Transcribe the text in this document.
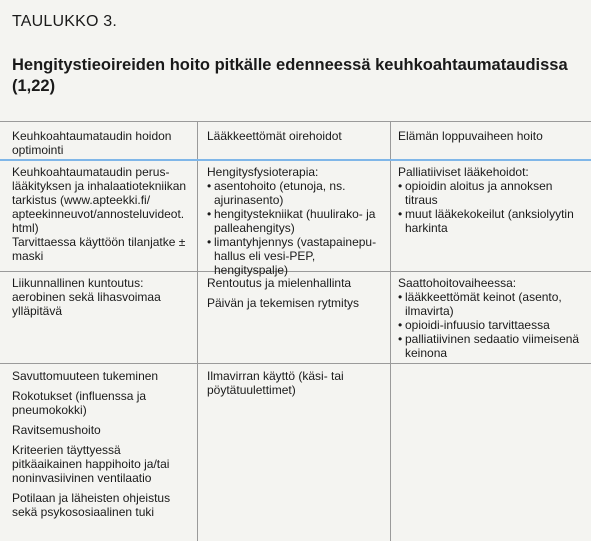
TAULUKKO 3.
Hengitystieoireiden hoito pitkälle edenneessä keuhkoahtaumataudissa (1,22)
Keuhkoahtaumataudin hoidon optimointi
Lääkkeettömät oirehoidot	Elämän loppuvaiheen hoito
Keuhkoahtaumataudin perus-lääkityksen ja inhalaatiotekniikan tarkistus (www.apteekki.fi/ apteekinneuvot/annosteluvideot. html)
Tarvittaessa käyttöön tilanjatke ± maski
Hengitysfysioterapia:
• asentohoito (etunoja, ns. ajurinasento)
• hengitystekniikat (huulirako- ja palleahengitys)
• limantyhjennys (vastapainepu-hallus eli vesi-PEP, hengityspalje)
Palliatiiviset lääkehoidot:
• opioidin aloitus ja annoksen titraus
• muut lääkekokeilut (anksiolyytin harkinta
Liikunnallinen kuntoutus: aerobinen sekä lihasvoimaa ylläpitävä

Rentoutus ja mielenhallinta

Päivän ja tekemisen rytmitys

Saattohoitovaiheessa:
• lääkkeettömät keinot (asento, ilmavirta)
• opioidi-infuusio tarvittaessa
• palliatiivinen sedaatio viimeisenä keinona

Savuttomuuteen tukeminen

Rokotukset (influenssa ja pneumokokki)

Ravitsemushoito

Kriteerien täyttyessä pitkäaikainen happihoito ja/tai noninvasiivinen ventilaatio

Potilaan ja läheisten ohjeistus sekä psykososiaalinen tuki

Ilmavirran käyttö (käsi- tai pöytätuulettimet)
